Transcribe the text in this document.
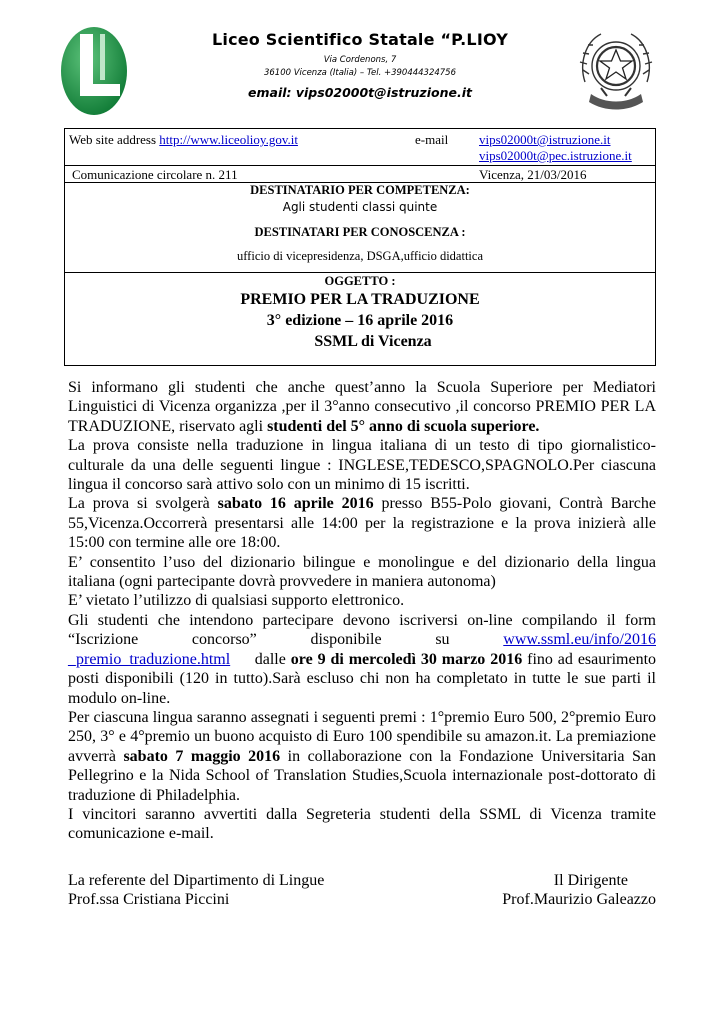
Liceo Scientifico Statale “P.LIOY
Via Cordenons, 7
36100 Vicenza (Italia) – Tel. +390444324756
email: vips02000t@istruzione.it
Web site address http://www.liceolioy.gov.it	e-mail vips02000t@istruzione.it
vips02000t@pec.istruzione.it
Comunicazione circolare n. 211	Vicenza, 21/03/2016
DESTINATARIO PER COMPETENZA:
Agli studenti classi quinte
DESTINATARI PER CONOSCENZA :
ufficio di vicepresidenza, DSGA,ufficio didattica
OGGETTO :
PREMIO PER LA TRADUZIONE
3° edizione – 16 aprile 2016
SSML di Vicenza

Si informano gli studenti che anche quest’anno la Scuola Superiore per Mediatori Linguistici di Vicenza organizza ,per il 3°anno consecutivo ,il concorso PREMIO PER LA TRADUZIONE, riservato agli studenti del 5° anno di scuola superiore.

La prova consiste nella traduzione in lingua italiana di un testo di tipo giornalistico-culturale da una delle seguenti lingue : INGLESE,TEDESCO,SPAGNOLO.Per ciascuna lingua il concorso sarà attivo solo con un minimo di 15 iscritti.

La prova si svolgerà sabato 16 aprile 2016 presso B55-Polo giovani, Contrà Barche 55,Vicenza.Occorrerà presentarsi alle 14:00 per la registrazione e la prova inizierà alle 15:00 con termine alle ore 18:00.

E’ consentito l’uso del dizionario bilingue e monolingue e del dizionario della lingua italiana (ogni partecipante dovrà provvedere in maniera autonoma)

E’ vietato l’utilizzo di qualsiasi supporto elettronico.

Gli studenti che intendono partecipare devono iscriversi on-line compilando il form

“Iscrizione	concorso”	disponibile	su	www.ssml.eu/info/2016

_premio_traduzione.html dalle ore 9 di mercoledì 30 marzo 2016 fino ad esaurimento posti disponibili (120 in tutto).Sarà escluso chi non ha completato in tutte le sue parti il modulo on-line.

Per ciascuna lingua saranno assegnati i seguenti premi : 1°premio Euro 500, 2°premio Euro 250, 3° e 4°premio un buono acquisto di Euro 100 spendibile su amazon.it. La premiazione avverrà sabato 7 maggio 2016 in collaborazione con la Fondazione Universitaria San Pellegrino e la Nida School of Translation Studies,Scuola internazionale post-dottorato di traduzione di Philadelphia.

I vincitori saranno avvertiti dalla Segreteria studenti della SSML di Vicenza tramite comunicazione e-mail.

La referente del Dipartimento di Lingue	Il Dirigente
Prof.ssa Cristiana Piccini	Prof.Maurizio Galeazzo
